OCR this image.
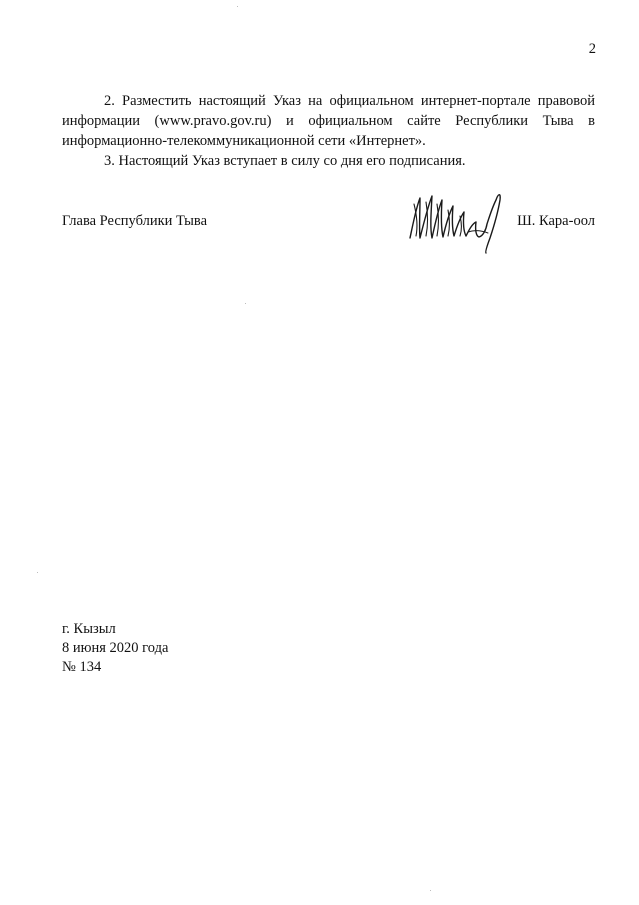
2

2. Разместить настоящий Указ на официальном интернет-портале правовой информации (www.pravo.gov.ru) и официальном сайте Республики Тыва в информационно-телекоммуникационной сети «Интернет».

3. Настоящий Указ вступает в силу со дня его подписания.

Глава Республики Тыва	Ш. Кара-оол
г. Кызыл
8 июня 2020 года
№ 134
